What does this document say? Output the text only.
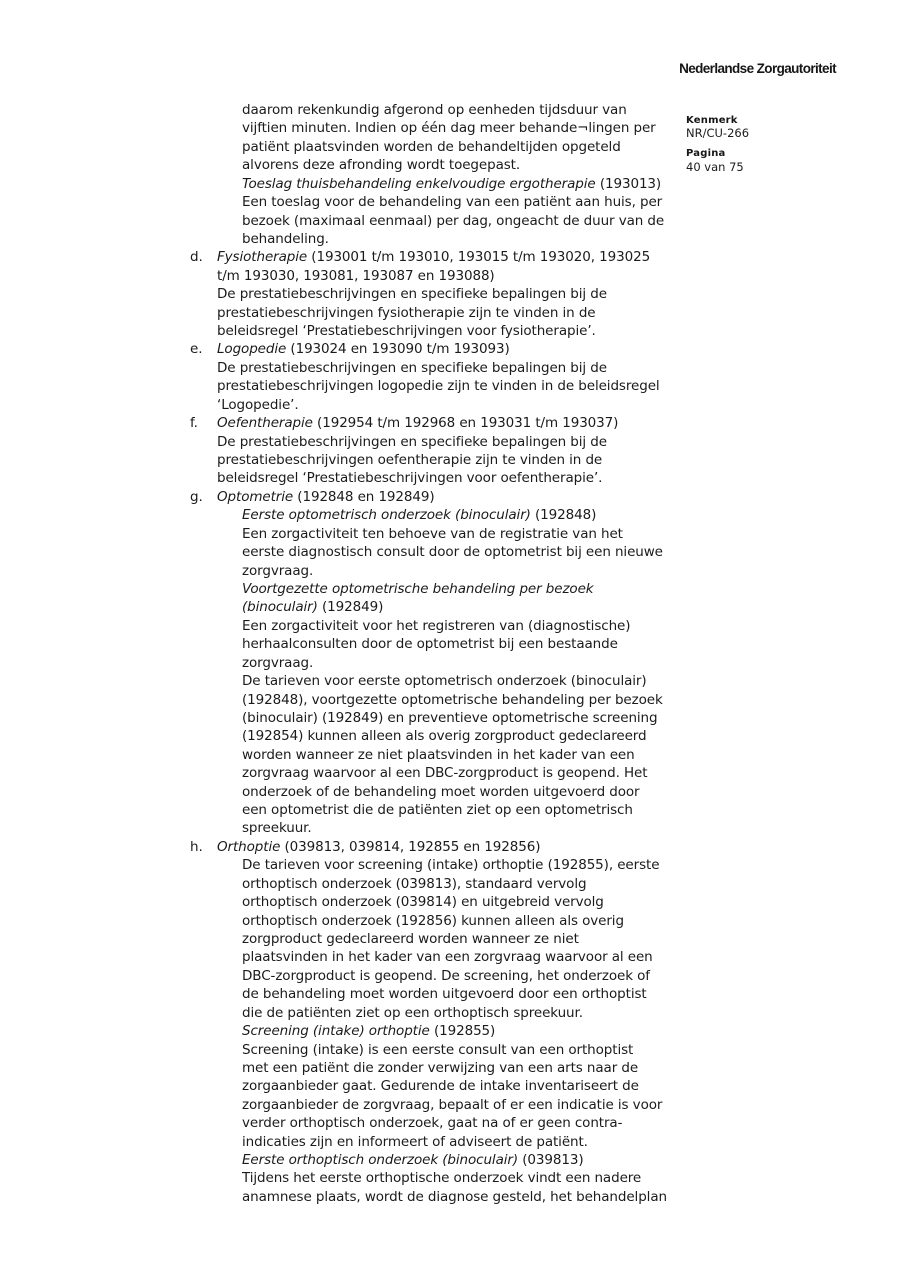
Nederlandse Zorgautoriteit
Kenmerk
NR/CU-266
Pagina
40 van 75
daarom rekenkundig afgerond op eenheden tijdsduur van
vijftien minuten. Indien op één dag meer behande¬lingen per
patiënt plaatsvinden worden de behandeltijden opgeteld
alvorens deze afronding wordt toegepast.
Toeslag thuisbehandeling enkelvoudige ergotherapie (193013)
Een toeslag voor de behandeling van een patiënt aan huis, per
bezoek (maximaal eenmaal) per dag, ongeacht de duur van de
behandeling.
d. Fysiotherapie (193001 t/m 193010, 193015 t/m 193020, 193025
t/m 193030, 193081, 193087 en 193088)
De prestatiebeschrijvingen en specifieke bepalingen bij de
prestatiebeschrijvingen fysiotherapie zijn te vinden in de
beleidsregel ‘Prestatiebeschrijvingen voor fysiotherapie’.
e. Logopedie (193024 en 193090 t/m 193093)
De prestatiebeschrijvingen en specifieke bepalingen bij de
prestatiebeschrijvingen logopedie zijn te vinden in de beleidsregel
‘Logopedie’.
f. Oefentherapie (192954 t/m 192968 en 193031 t/m 193037)
De prestatiebeschrijvingen en specifieke bepalingen bij de
prestatiebeschrijvingen oefentherapie zijn te vinden in de
beleidsregel ‘Prestatiebeschrijvingen voor oefentherapie’.
g. Optometrie (192848 en 192849)
Eerste optometrisch onderzoek (binoculair) (192848)
Een zorgactiviteit ten behoeve van de registratie van het
eerste diagnostisch consult door de optometrist bij een nieuwe
zorgvraag.
Voortgezette optometrische behandeling per bezoek
(binoculair) (192849)
Een zorgactiviteit voor het registreren van (diagnostische)
herhaalconsulten door de optometrist bij een bestaande
zorgvraag.
De tarieven voor eerste optometrisch onderzoek (binoculair)
(192848), voortgezette optometrische behandeling per bezoek
(binoculair) (192849) en preventieve optometrische screening
(192854) kunnen alleen als overig zorgproduct gedeclareerd
worden wanneer ze niet plaatsvinden in het kader van een
zorgvraag waarvoor al een DBC-zorgproduct is geopend. Het
onderzoek of de behandeling moet worden uitgevoerd door
een optometrist die de patiënten ziet op een optometrisch
spreekuur.
h. Orthoptie (039813, 039814, 192855 en 192856)
De tarieven voor screening (intake) orthoptie (192855), eerste
orthoptisch onderzoek (039813), standaard vervolg
orthoptisch onderzoek (039814) en uitgebreid vervolg
orthoptisch onderzoek (192856) kunnen alleen als overig
zorgproduct gedeclareerd worden wanneer ze niet
plaatsvinden in het kader van een zorgvraag waarvoor al een
DBC-zorgproduct is geopend. De screening, het onderzoek of
de behandeling moet worden uitgevoerd door een orthoptist
die de patiënten ziet op een orthoptisch spreekuur.
Screening (intake) orthoptie (192855)
Screening (intake) is een eerste consult van een orthoptist
met een patiënt die zonder verwijzing van een arts naar de
zorgaanbieder gaat. Gedurende de intake inventariseert de
zorgaanbieder de zorgvraag, bepaalt of er een indicatie is voor
verder orthoptisch onderzoek, gaat na of er geen contra-
indicaties zijn en informeert of adviseert de patiënt.
Eerste orthoptisch onderzoek (binoculair) (039813)
Tijdens het eerste orthoptische onderzoek vindt een nadere
anamnese plaats, wordt de diagnose gesteld, het behandelplan
